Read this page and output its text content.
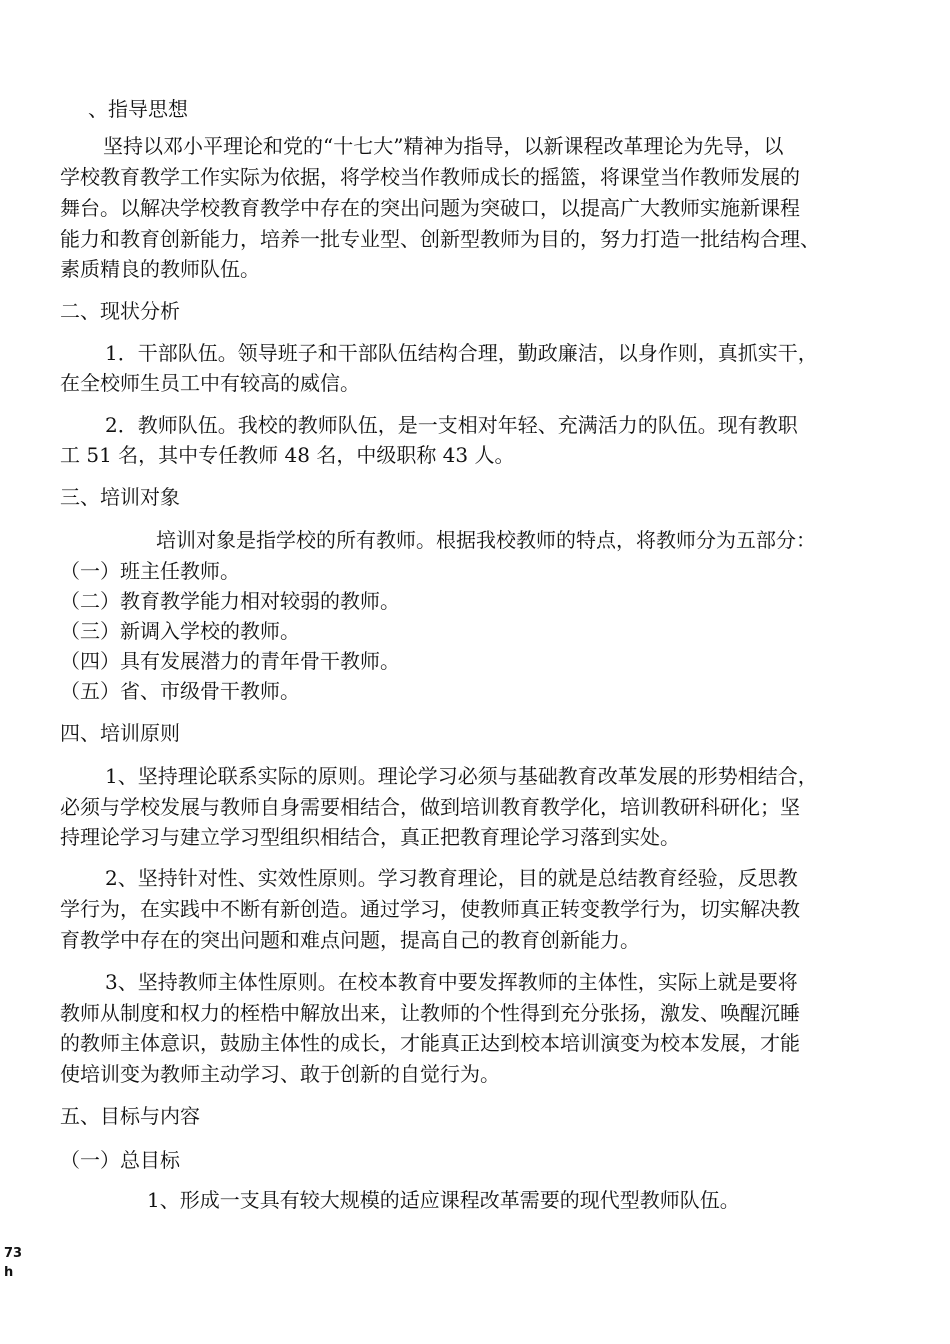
、指导思想

坚持以邓小平理论和党的“十七大”精神为指导，以新课程改革理论为先导，以

学校教育教学工作实际为依据，将学校当作教师成长的摇篮，将课堂当作教师发展的

舞台。以解决学校教育教学中存在的突出问题为突破口，以提高广大教师实施新课程

能力和教育创新能力，培养一批专业型、创新型教师为目的，努力打造一批结构合理、

素质精良的教师队伍。

二、现状分析

1．干部队伍。领导班子和干部队伍结构合理，勤政廉洁，以身作则，真抓实干，

在全校师生员工中有较高的威信。

2．教师队伍。我校的教师队伍，是一支相对年轻、充满活力的队伍。现有教职

工 51 名，其中专任教师 48 名，中级职称 43 人。

三、培训对象

培训对象是指学校的所有教师。根据我校教师的特点，将教师分为五部分：

（一）班主任教师。

（二）教育教学能力相对较弱的教师。

（三）新调入学校的教师。

（四）具有发展潜力的青年骨干教师。

（五）省、市级骨干教师。

四、培训原则

1、坚持理论联系实际的原则。理论学习必须与基础教育改革发展的形势相结合，

必须与学校发展与教师自身需要相结合，做到培训教育教学化，培训教研科研化；坚

持理论学习与建立学习型组织相结合，真正把教育理论学习落到实处。

2、坚持针对性、实效性原则。学习教育理论，目的就是总结教育经验，反思教

学行为，在实践中不断有新创造。通过学习，使教师真正转变教学行为，切实解决教

育教学中存在的突出问题和难点问题，提高自己的教育创新能力。

3、坚持教师主体性原则。在校本教育中要发挥教师的主体性，实际上就是要将

教师从制度和权力的桎梏中解放出来，让教师的个性得到充分张扬，激发、唤醒沉睡

的教师主体意识，鼓励主体性的成长，才能真正达到校本培训演变为校本发展，才能

使培训变为教师主动学习、敢于创新的自觉行为。

五、目标与内容

（一）总目标

1、形成一支具有较大规模的适应课程改革需要的现代型教师队伍。

73
h
